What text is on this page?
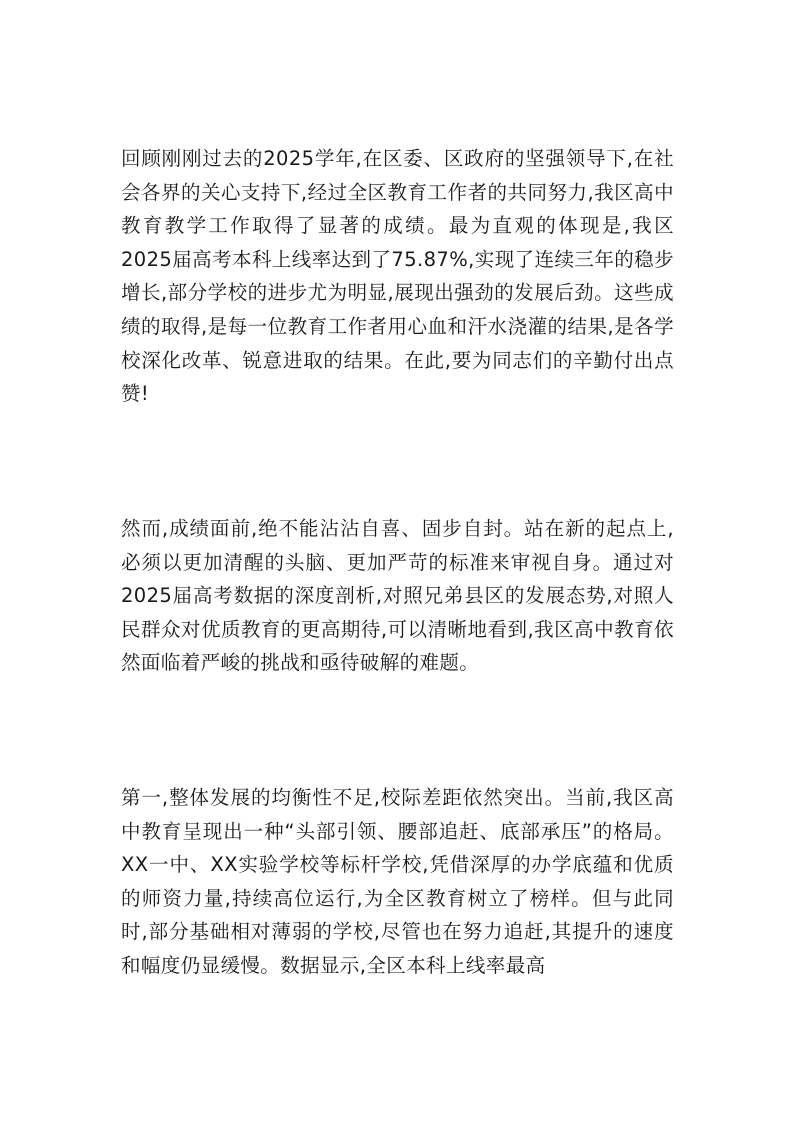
回顾刚刚过去的2025学年,在区委、区政府的坚强领导下,在社会各界的关心支持下,经过全区教育工作者的共同努力,我区高中教育教学工作取得了显著的成绩。最为直观的体现是,我区2025届高考本科上线率达到了75.87%,实现了连续三年的稳步增长,部分学校的进步尤为明显,展现出强劲的发展后劲。这些成绩的取得,是每一位教育工作者用心血和汗水浇灌的结果,是各学校深化改革、锐意进取的结果。在此,要为同志们的辛勤付出点赞!

然而,成绩面前,绝不能沾沾自喜、固步自封。站在新的起点上,必须以更加清醒的头脑、更加严苛的标准来审视自身。通过对2025届高考数据的深度剖析,对照兄弟县区的发展态势,对照人民群众对优质教育的更高期待,可以清晰地看到,我区高中教育依然面临着严峻的挑战和亟待破解的难题。

第一,整体发展的均衡性不足,校际差距依然突出。当前,我区高中教育呈现出一种“头部引领、腰部追赶、底部承压”的格局。XX一中、XX实验学校等标杆学校,凭借深厚的办学底蕴和优质的师资力量,持续高位运行,为全区教育树立了榜样。但与此同时,部分基础相对薄弱的学校,尽管也在努力追赶,其提升的速度和幅度仍显缓慢。数据显示,全区本科上线率最高
